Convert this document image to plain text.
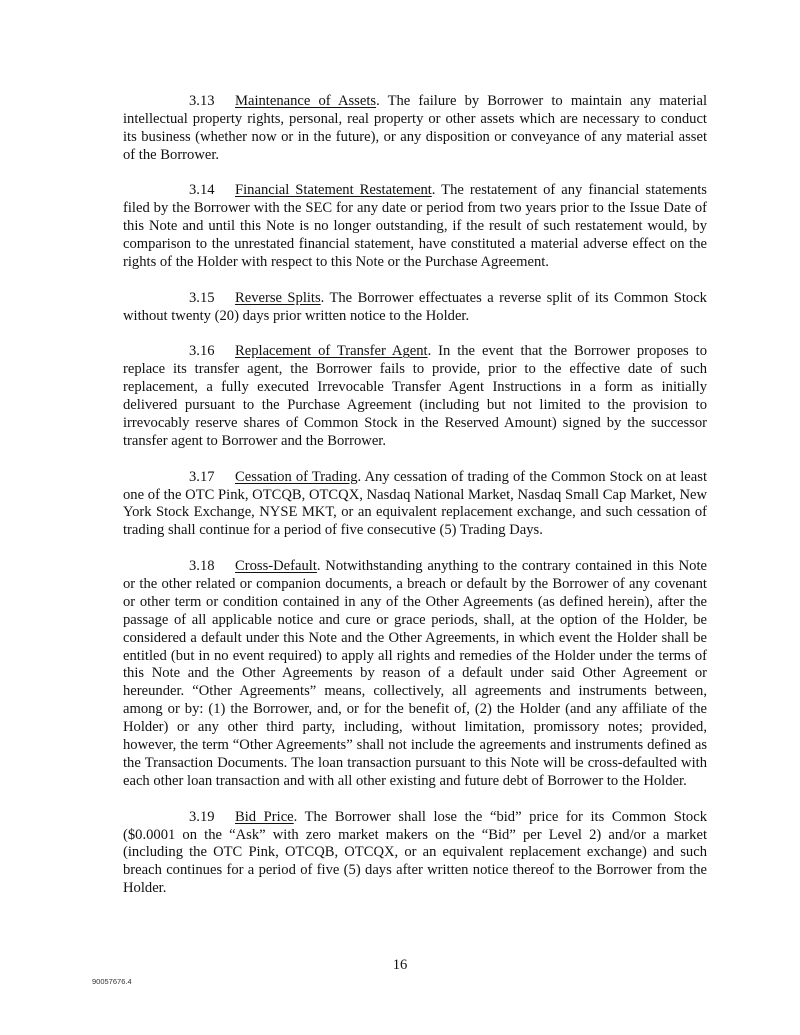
3.13 Maintenance of Assets. The failure by Borrower to maintain any material intellectual property rights, personal, real property or other assets which are necessary to conduct its business (whether now or in the future), or any disposition or conveyance of any material asset of the Borrower.

3.14 Financial Statement Restatement. The restatement of any financial statements filed by the Borrower with the SEC for any date or period from two years prior to the Issue Date of this Note and until this Note is no longer outstanding, if the result of such restatement would, by comparison to the unrestated financial statement, have constituted a material adverse effect on the rights of the Holder with respect to this Note or the Purchase Agreement.

3.15 Reverse Splits. The Borrower effectuates a reverse split of its Common Stock without twenty (20) days prior written notice to the Holder.

3.16 Replacement of Transfer Agent. In the event that the Borrower proposes to replace its transfer agent, the Borrower fails to provide, prior to the effective date of such replacement, a fully executed Irrevocable Transfer Agent Instructions in a form as initially delivered pursuant to the Purchase Agreement (including but not limited to the provision to irrevocably reserve shares of Common Stock in the Reserved Amount) signed by the successor transfer agent to Borrower and the Borrower.

3.17 Cessation of Trading. Any cessation of trading of the Common Stock on at least one of the OTC Pink, OTCQB, OTCQX, Nasdaq National Market, Nasdaq Small Cap Market, New York Stock Exchange, NYSE MKT, or an equivalent replacement exchange, and such cessation of trading shall continue for a period of five consecutive (5) Trading Days.

3.18 Cross-Default. Notwithstanding anything to the contrary contained in this Note or the other related or companion documents, a breach or default by the Borrower of any covenant or other term or condition contained in any of the Other Agreements (as defined herein), after the passage of all applicable notice and cure or grace periods, shall, at the option of the Holder, be considered a default under this Note and the Other Agreements, in which event the Holder shall be entitled (but in no event required) to apply all rights and remedies of the Holder under the terms of this Note and the Other Agreements by reason of a default under said Other Agreement or hereunder. “Other Agreements” means, collectively, all agreements and instruments between, among or by: (1) the Borrower, and, or for the benefit of, (2) the Holder (and any affiliate of the Holder) or any other third party, including, without limitation, promissory notes; provided, however, the term “Other Agreements” shall not include the agreements and instruments defined as the Transaction Documents. The loan transaction pursuant to this Note will be cross-defaulted with each other loan transaction and with all other existing and future debt of Borrower to the Holder.

3.19 Bid Price. The Borrower shall lose the “bid” price for its Common Stock ($0.0001 on the “Ask” with zero market makers on the “Bid” per Level 2) and/or a market (including the OTC Pink, OTCQB, OTCQX, or an equivalent replacement exchange) and such breach continues for a period of five (5) days after written notice thereof to the Borrower from the Holder.

16
90057676.4
